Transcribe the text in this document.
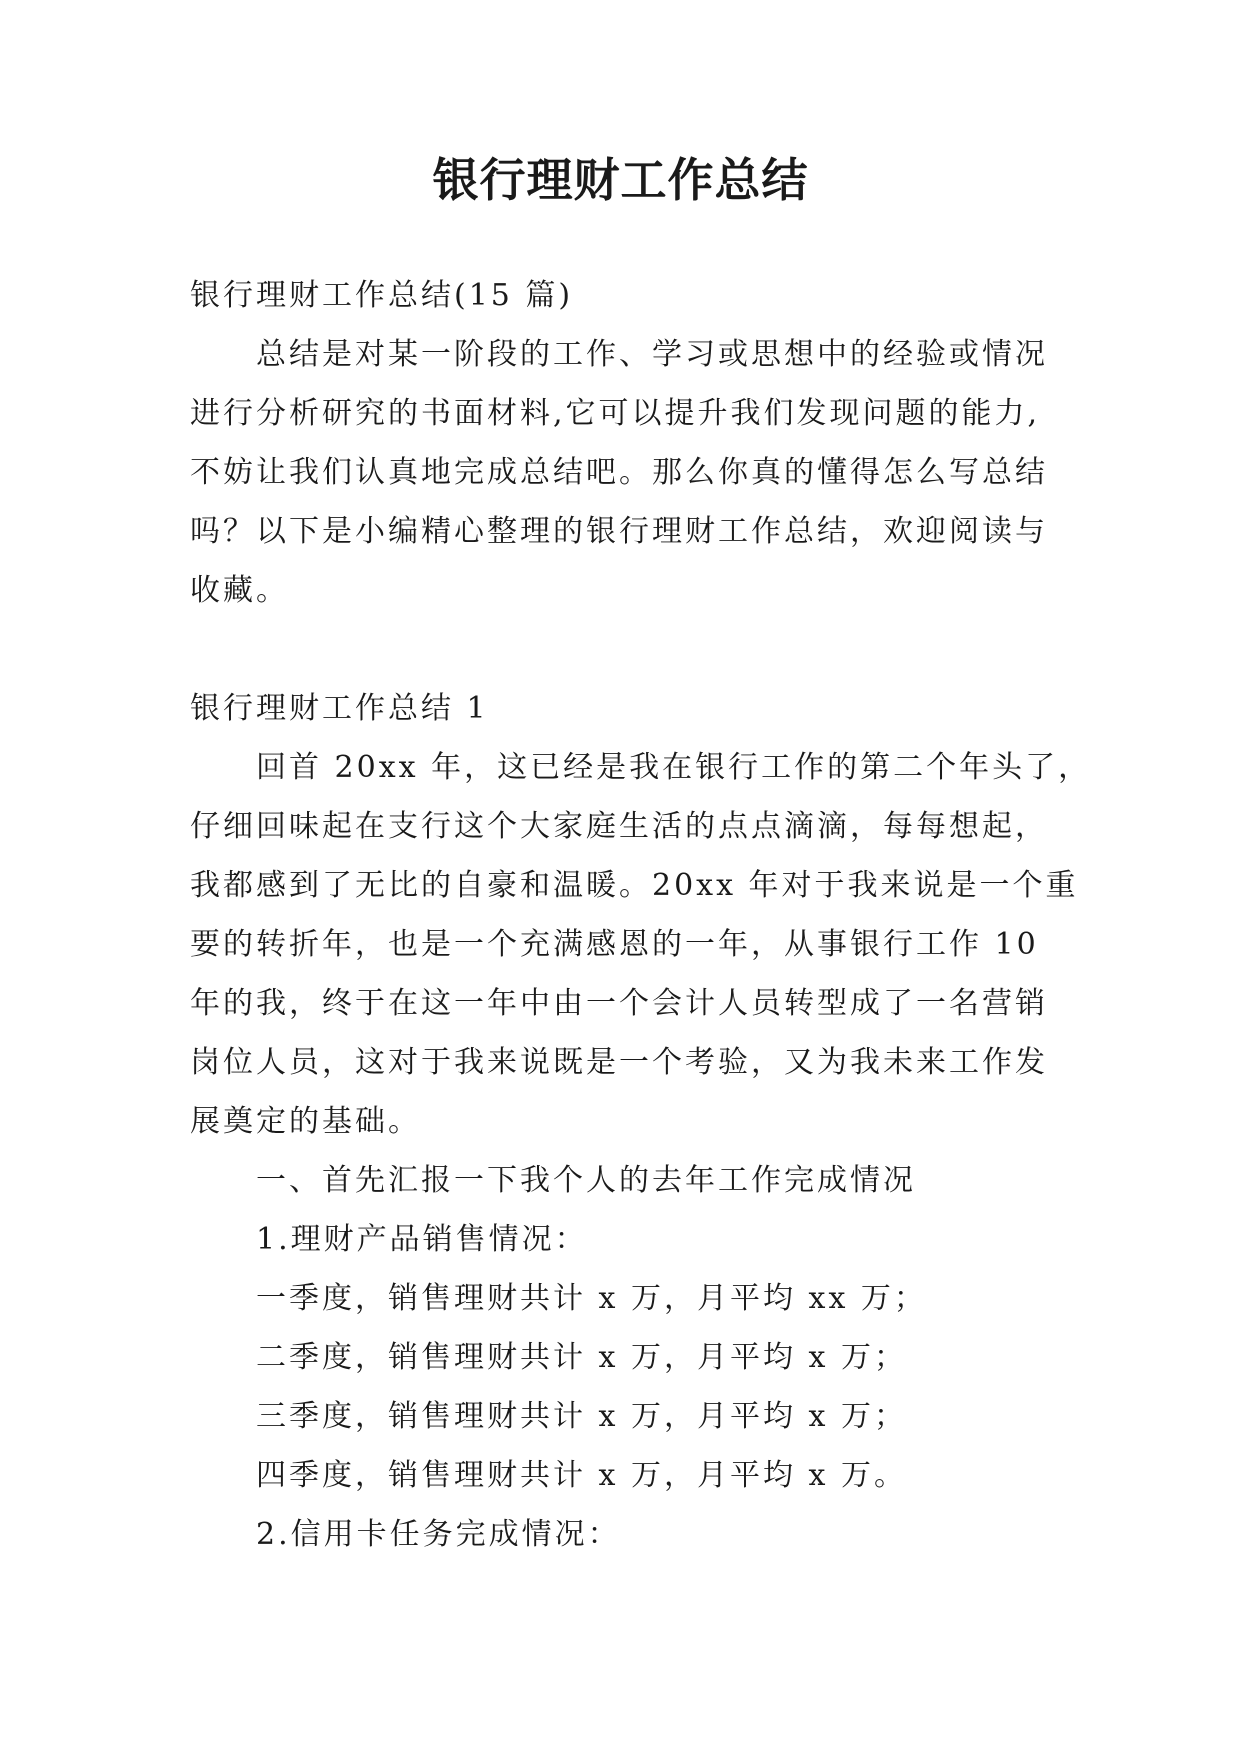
银行理财工作总结
银行理财工作总结(15 篇)
总结是对某一阶段的工作、学习或思想中的经验或情况
进行分析研究的书面材料,它可以提升我们发现问题的能力,
不妨让我们认真地完成总结吧。那么你真的懂得怎么写总结
吗？以下是小编精心整理的银行理财工作总结，欢迎阅读与
收藏。
银行理财工作总结 1
回首 20xx 年，这已经是我在银行工作的第二个年头了，
仔细回味起在支行这个大家庭生活的点点滴滴，每每想起，
我都感到了无比的自豪和温暖。20xx 年对于我来说是一个重
要的转折年，也是一个充满感恩的一年，从事银行工作 10
年的我，终于在这一年中由一个会计人员转型成了一名营销
岗位人员，这对于我来说既是一个考验，又为我未来工作发
展奠定的基础。
一、首先汇报一下我个人的去年工作完成情况
1.理财产品销售情况：
一季度，销售理财共计 x 万，月平均 xx 万；
二季度，销售理财共计 x 万，月平均 x 万；
三季度，销售理财共计 x 万，月平均 x 万；
四季度，销售理财共计 x 万，月平均 x 万。
2.信用卡任务完成情况：
